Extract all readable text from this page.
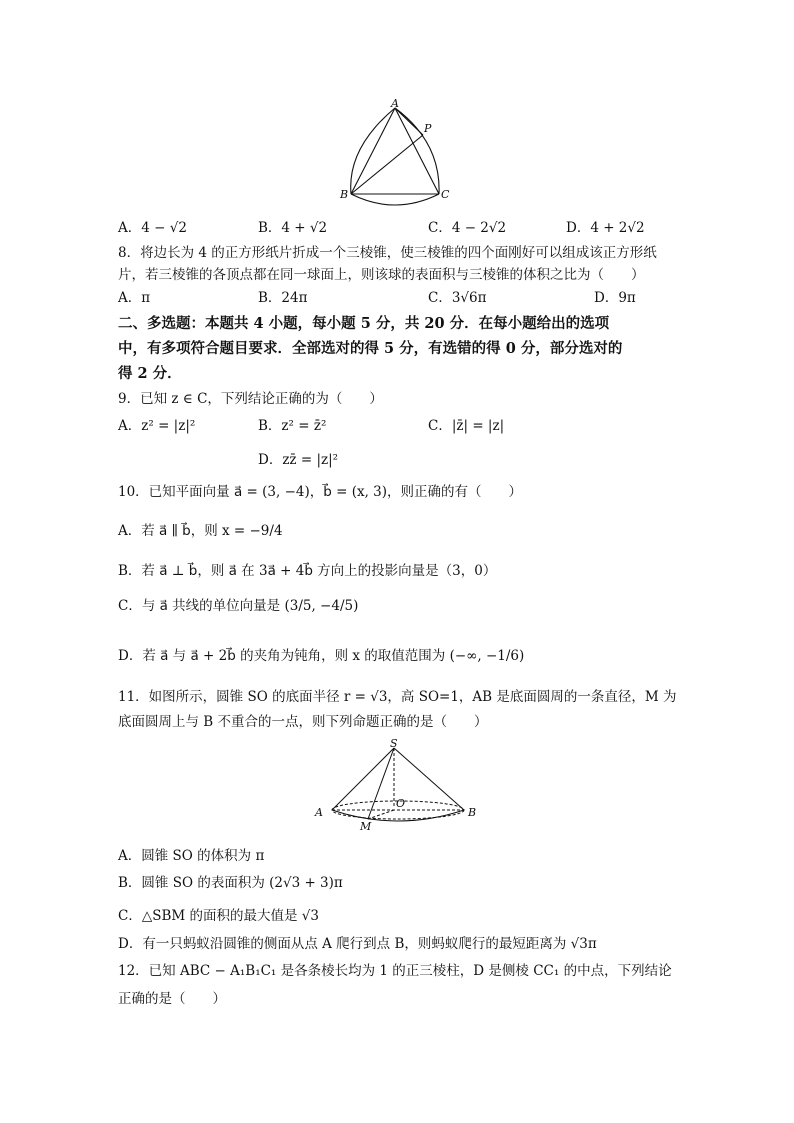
A
P
B	C
A．4 − √2	B．4 + √2	C．4 − 2√2	D．4 + 2√2
8．将边长为 4 的正方形纸片折成一个三棱锥，使三棱锥的四个面刚好可以组成该正方形纸
片，若三棱锥的各顶点都在同一球面上，则该球的表面积与三棱锥的体积之比为（　　）
A．π	B．24π	C．3√6π	D．9π
二、多选题：本题共 4 小题，每小题 5 分，共 20 分．在每小题给出的选项
中，有多项符合题目要求．全部选对的得 5 分，有选错的得 0 分，部分选对的
得 2 分．
9．已知 z ∈ C，下列结论正确的为（　　）
A．z² = |z|²	B．z² = z̄²	C．|z̄| = |z|
D．zz̄ = |z|²
10．已知平面向量 a⃗ = (3, −4)，b⃗ = (x, 3)，则正确的有（　　）
A．若 a⃗ ∥ b⃗，则 x = −9/4
B．若 a⃗ ⊥ b⃗，则 a⃗ 在 3a⃗ + 4b⃗ 方向上的投影向量是（3，0）
C．与 a⃗ 共线的单位向量是 (3/5, −4/5)
D．若 a⃗ 与 a⃗ + 2b⃗ 的夹角为钝角，则 x 的取值范围为 (−∞, −1/6)
11．如图所示，圆锥 SO 的底面半径 r = √3，高 SO=1，AB 是底面圆周的一条直径，M 为
底面圆周上与 B 不重合的一点，则下列命题正确的是（　　）
S
O
A	B
M
A．圆锥 SO 的体积为 π
B．圆锥 SO 的表面积为 (2√3 + 3)π
C．△SBM 的面积的最大值是 √3
D．有一只蚂蚁沿圆锥的侧面从点 A 爬行到点 B，则蚂蚁爬行的最短距离为 √3π
12．已知 ABC − A₁B₁C₁ 是各条棱长均为 1 的正三棱柱，D 是侧棱 CC₁ 的中点，下列结论
正确的是（　　）
